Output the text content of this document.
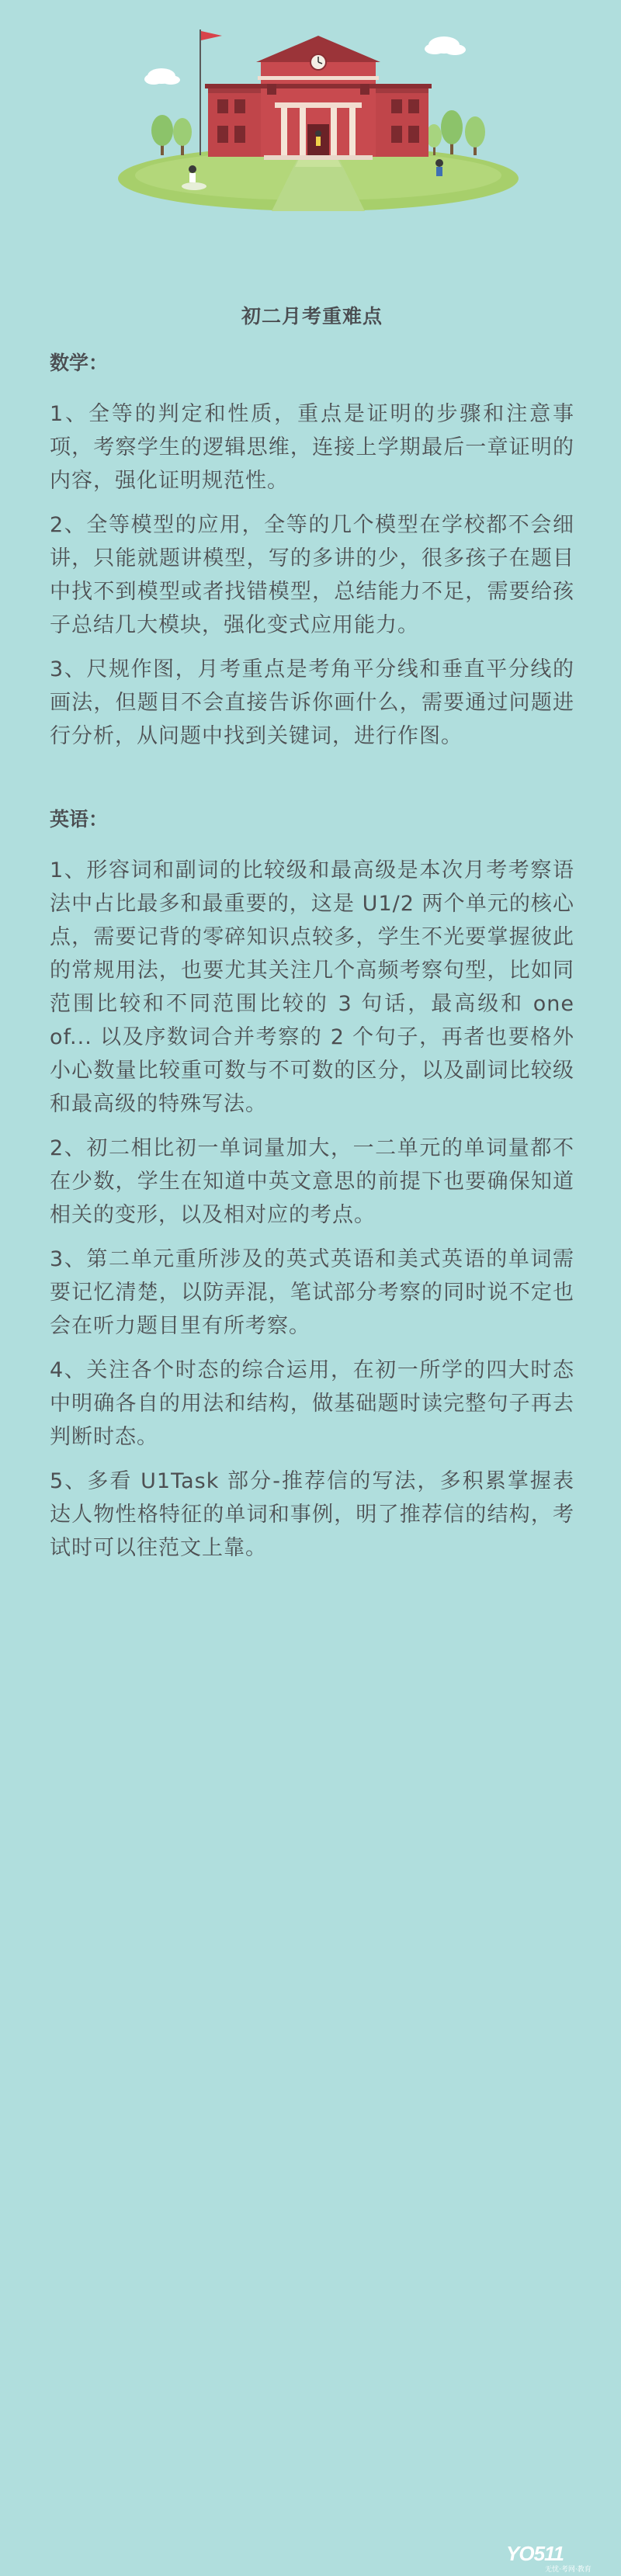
初二月考重难点
数学：

1、全等的判定和性质，重点是证明的步骤和注意事项，考察学生的逻辑思维，连接上学期最后一章证明的内容，强化证明规范性。

2、全等模型的应用，全等的几个模型在学校都不会细讲，只能就题讲模型，写的多讲的少，很多孩子在题目中找不到模型或者找错模型，总结能力不足，需要给孩子总结几大模块，强化变式应用能力。

3、尺规作图，月考重点是考角平分线和垂直平分线的画法，但题目不会直接告诉你画什么，需要通过问题进行分析，从问题中找到关键词，进行作图。

英语：

1、形容词和副词的比较级和最高级是本次月考考察语法中占比最多和最重要的，这是 U1/2 两个单元的核心点，需要记背的零碎知识点较多，学生不光要掌握彼此的常规用法，也要尤其关注几个高频考察句型，比如同范围比较和不同范围比较的 3 句话，最高级和 one of... 以及序数词合并考察的 2 个句子，再者也要格外小心数量比较重可数与不可数的区分，以及副词比较级和最高级的特殊写法。

2、初二相比初一单词量加大，一二单元的单词量都不在少数，学生在知道中英文意思的前提下也要确保知道相关的变形，以及相对应的考点。

3、第二单元重所涉及的英式英语和美式英语的单词需要记忆清楚，以防弄混，笔试部分考察的同时说不定也会在听力题目里有所考察。

4、关注各个时态的综合运用，在初一所学的四大时态中明确各自的用法和结构，做基础题时读完整句子再去判断时态。

5、多看 U1Task 部分-推荐信的写法，多积累掌握表达人物性格特征的单词和事例，明了推荐信的结构，考试时可以往范文上靠。

YO511
无忧·考网·教育
